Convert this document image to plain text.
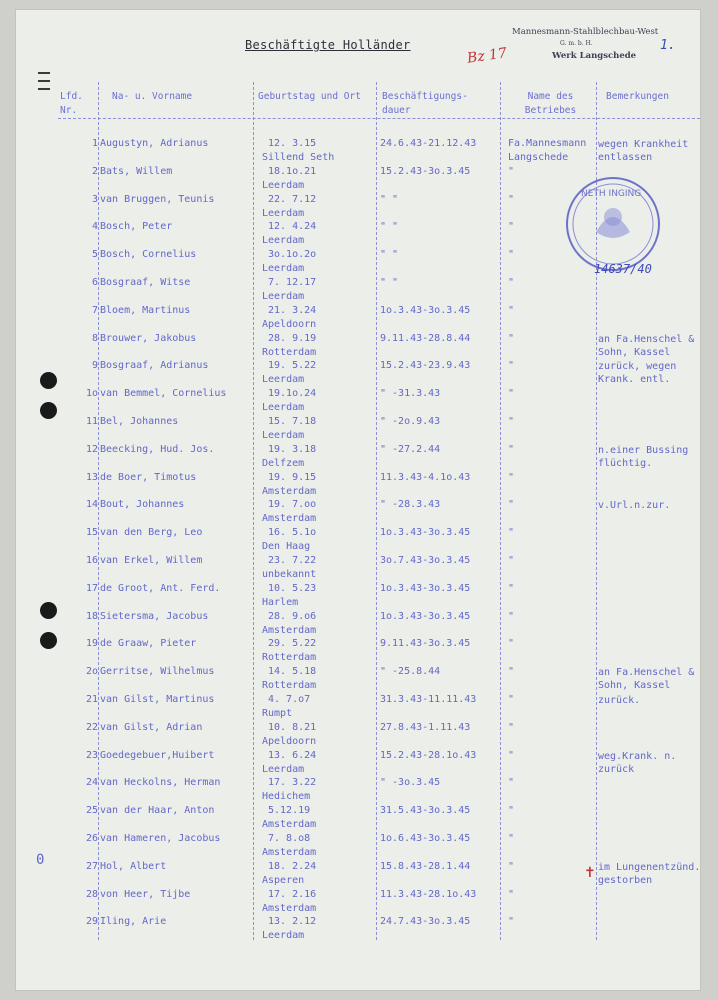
Mannesmann-Stahlblechbau-West
G. m. b. H.
Werk Langschede
1.
Bz 17
Beschäftigte Holländer
Lfd. Nr.
Na- u. Vorname	Geburtstag und Ort	Beschäftigungs- dauer
Name des Betriebes
Bemerkungen
1 Augustyn, Adrianus	12. 3.15
Sillend Seth
24.6.43-21.12.43	Fa.Mannesmann
Langschede
wegen Krankheit entlassen
2 Bats, Willem	18.1o.21
Leerdam
15.2.43-3o.3.45	"
3 van Bruggen, Teunis	22. 7.12
Leerdam
" "	"
4 Bosch, Peter	12. 4.24
Leerdam
" "	"
5 Bosch, Cornelius	3o.1o.2o
Leerdam
" "	"
6 Bosgraaf, Witse	7. 12.17
Leerdam
" "	"
7 Bloem, Martinus	21. 3.24
Apeldoorn
1o.3.43-3o.3.45	"
8 Brouwer, Jakobus	28. 9.19
Rotterdam
9.11.43-28.8.44	"	an Fa.Henschel & Sohn, Kassel
9 Bosgraaf, Adrianus	19. 5.22
Leerdam
15.2.43-23.9.43	"	zurück, wegen Krank. entl.
1o van Bemmel, Cornelius	19.1o.24
Leerdam
" -31.3.43	"
11 Bel, Johannes	15. 7.18
Leerdam
" -2o.9.43	"
12 Beecking, Hud. Jos.	19. 3.18
Delfzem
" -27.2.44	"	n.einer Bussing flüchtig.
13 de Boer, Timotus	19. 9.15
Amsterdam
11.3.43-4.1o.43	"
14 Bout, Johannes	19. 7.oo
Amsterdam
" -28.3.43	"	v.Url.n.zur.
15 van den Berg, Leo	16. 5.1o
Den Haag
1o.3.43-3o.3.45	"
16 van Erkel, Willem	23. 7.22
unbekannt
3o.7.43-3o.3.45	"
17 de Groot, Ant. Ferd.	10. 5.23
Harlem
1o.3.43-3o.3.45	"
18 Sietersma, Jacobus	28. 9.o6
Amsterdam
1o.3.43-3o.3.45	"
19 de Graaw, Pieter	29. 5.22
Rotterdam
9.11.43-3o.3.45	"
2o Gerritse, Wilhelmus	14. 5.18
Rotterdam
" -25.8.44	"	an Fa.Henschel & Sohn, Kassel
21 van Gilst, Martinus	4. 7.o7
Rumpt
31.3.43-11.11.43	"	zurück.
22 van Gilst, Adrian	10. 8.21
Apeldoorn
27.8.43-1.11.43	"
23 Goedegebuer,Huibert	13. 6.24
Leerdam
15.2.43-28.1o.43	"	weg.Krank. n. zurück
24 van Heckolns, Herman	17. 3.22
Hedichem
" -3o.3.45	"
25 van der Haar, Anton	5.12.19
Amsterdam
31.5.43-3o.3.45	"
26 van Hameren, Jacobus	7. 8.o8
Amsterdam
1o.6.43-3o.3.45	"
27 Hol, Albert	18. 2.24
Asperen
15.8.43-28.1.44	"	im Lungenentzünd. gestorben
28 von Heer, Tijbe	17. 2.16
Amsterdam
11.3.43-28.1o.43	"
29 Iling, Arie	13. 2.12
Leerdam
24.7.43-3o.3.45	"
NETH INGING
14637/40
0
✝
